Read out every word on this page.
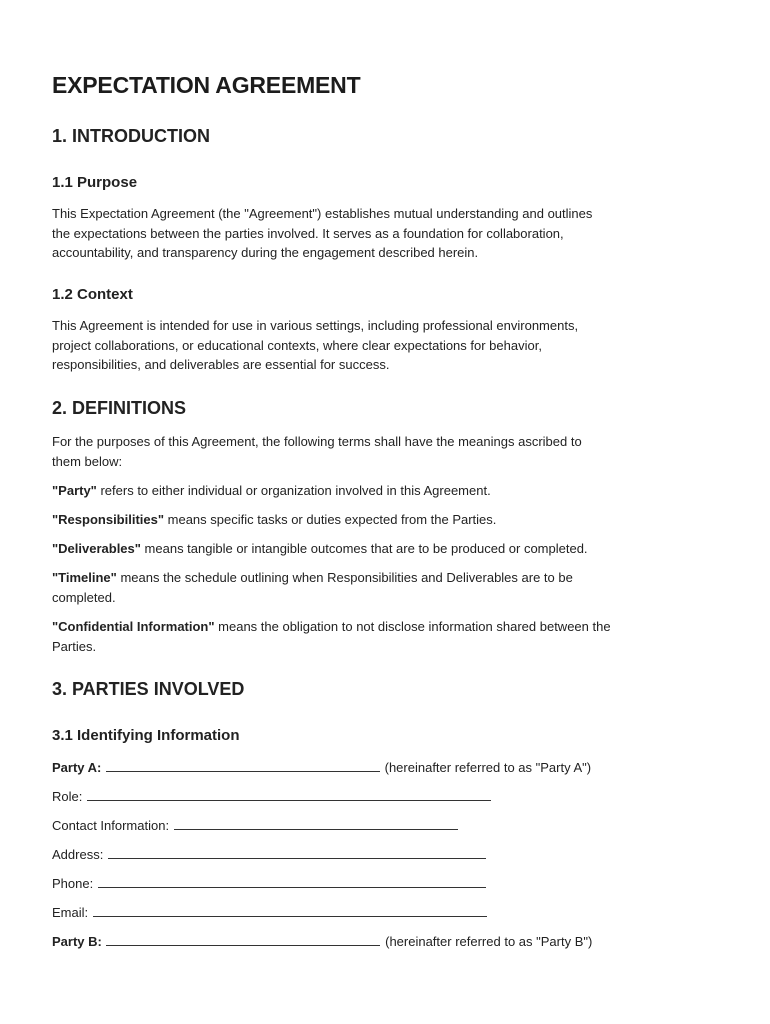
EXPECTATION AGREEMENT
1. INTRODUCTION
1.1 Purpose

This Expectation Agreement (the "Agreement") establishes mutual understanding and outlines
the expectations between the parties involved. It serves as a foundation for collaboration,
accountability, and transparency during the engagement described herein.

1.2 Context

This Agreement is intended for use in various settings, including professional environments,
project collaborations, or educational contexts, where clear expectations for behavior,
responsibilities, and deliverables are essential for success.

2. DEFINITIONS

For the purposes of this Agreement, the following terms shall have the meanings ascribed to
them below:

"Party" refers to either individual or organization involved in this Agreement.

"Responsibilities" means specific tasks or duties expected from the Parties.

"Deliverables" means tangible or intangible outcomes that are to be produced or completed.

"Timeline" means the schedule outlining when Responsibilities and Deliverables are to be
completed.

"Confidential Information" means the obligation to not disclose information shared between the
Parties.

3. PARTIES INVOLVED
3.1 Identifying Information
Party A:	(hereinafter referred to as "Party A")
Role:
Contact Information:
Address:
Phone:
Email:
Party B:	(hereinafter referred to as "Party B")
